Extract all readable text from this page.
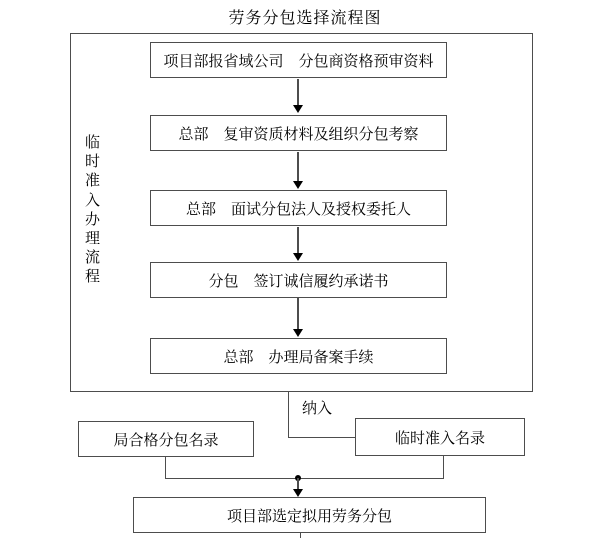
劳务分包选择流程图
临时准入办理流程
项目部报省域公司　分包商资格预审资料
总部　复审资质材料及组织分包考察
总部　面试分包法人及授权委托人
分包　签订诚信履约承诺书
总部　办理局备案手续
纳入
局合格分包名录	临时准入名录
项目部选定拟用劳务分包
